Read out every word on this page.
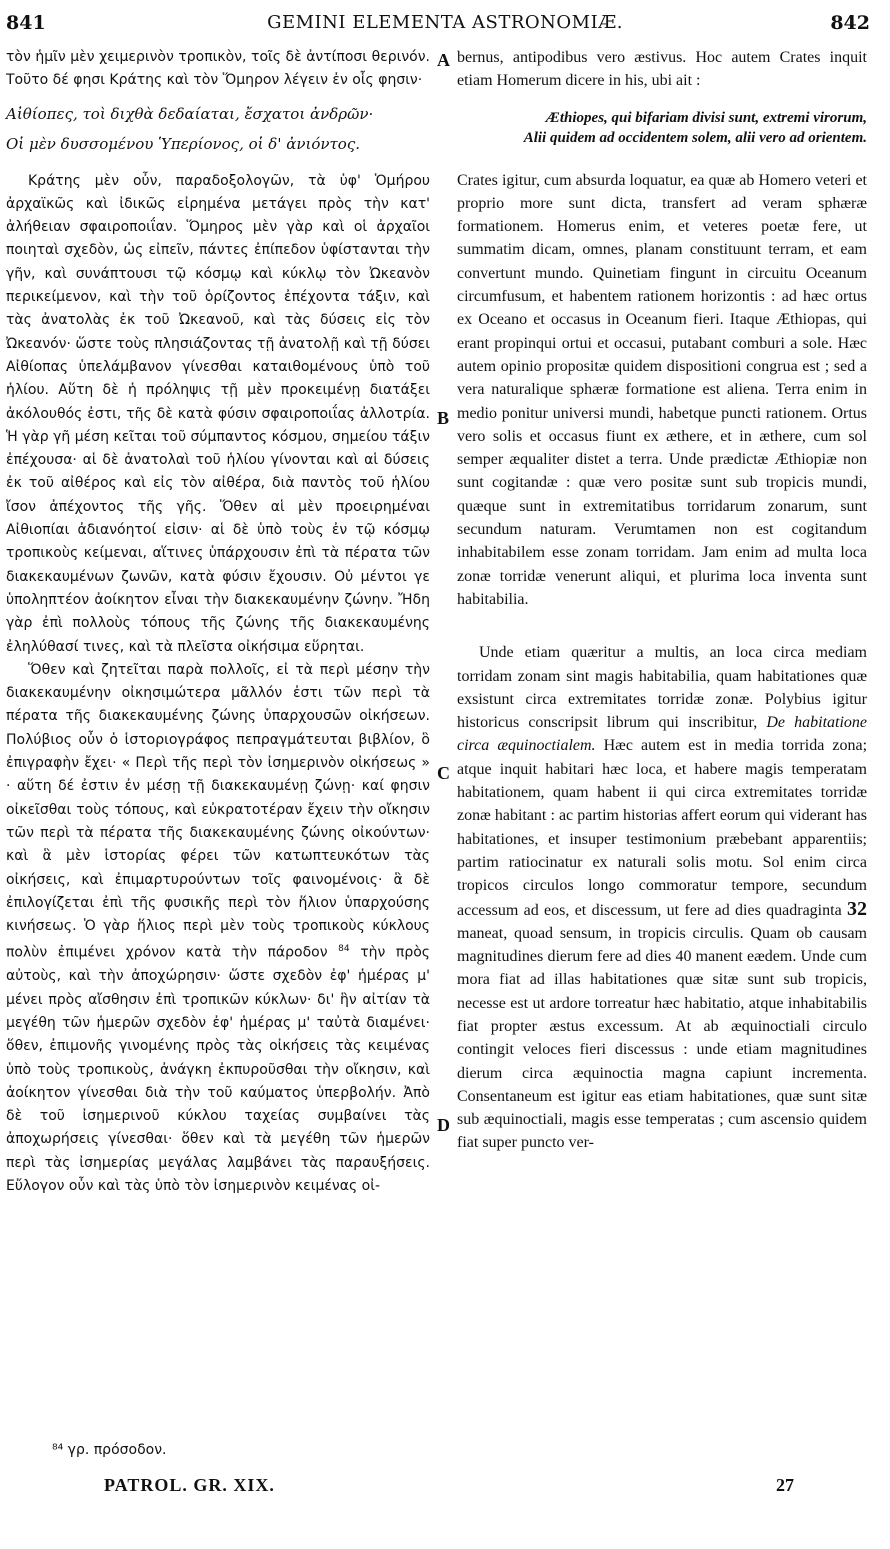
841	GEMINI ELEMENTA ASTRONOMIÆ.	842

τὸν ἡμῖν μὲν χειμερινὸν τροπικὸν, τοῖς δὲ ἀντίποσι θερινόν. Τοῦτο δέ φησι Κράτης καὶ τὸν Ὅμηρον λέγειν ἐν οἷς φησιν·

Αἰθίοπες, τοὶ διχθὰ δεδαίαται, ἔσχατοι ἀνδρῶν·

Οἱ μὲν δυσσομένου Ὑπερίονος, οἱ δ' ἀνιόντος.

Κράτης μὲν οὖν, παραδοξολογῶν, τὰ ὑφ' Ὁμήρου ἀρχαϊκῶς καὶ ἰδικῶς εἰρημένα μετάγει πρὸς τὴν κατ' ἀλήθειαν σφαιροποιΐαν. Ὅμηρος μὲν γὰρ καὶ οἱ ἀρχαῖοι ποιηταὶ σχεδὸν, ὡς εἰπεῖν, πάντες ἐπίπεδον ὑφίστανται τὴν γῆν, καὶ συνάπτουσι τῷ κόσμῳ καὶ κύκλῳ τὸν Ὠκεανὸν περικείμενον, καὶ τὴν τοῦ ὁρίζοντος ἐπέχοντα τάξιν, καὶ τὰς ἀνατολὰς ἐκ τοῦ Ὠκεανοῦ, καὶ τὰς δύσεις εἰς τὸν Ὠκεανόν· ὥστε τοὺς πλησιάζοντας τῇ ἀνατολῇ καὶ τῇ δύσει Αἰθίοπας ὑπελάμβανον γίνεσθαι καταιθομένους ὑπὸ τοῦ ἡλίου. Αὕτη δὲ ἡ πρόληψις τῇ μὲν προκειμένῃ διατάξει ἀκόλουθός ἐστι, τῆς δὲ κατὰ φύσιν σφαιροποιΐας ἀλλοτρία. Ἡ γὰρ γῆ μέση κεῖται τοῦ σύμπαντος κόσμου, σημείου τάξιν ἐπέχουσα· αἱ δὲ ἀνατολαὶ τοῦ ἡλίου γίνονται καὶ αἱ δύσεις ἐκ τοῦ αἰθέρος καὶ εἰς τὸν αἰθέρα, διὰ παντὸς τοῦ ἡλίου ἴσον ἀπέχοντος τῆς γῆς. Ὅθεν αἱ μὲν προειρημέναι Αἰθιοπίαι ἀδιανόητοί εἰσιν· αἱ δὲ ὑπὸ τοὺς ἐν τῷ κόσμῳ τροπικοὺς κείμεναι, αἵτινες ὑπάρχουσιν ἐπὶ τὰ πέρατα τῶν διακεκαυμένων ζωνῶν, κατὰ φύσιν ἔχουσιν. Οὐ μέντοι γε ὑποληπτέον ἀοίκητον εἶναι τὴν διακεκαυμένην ζώνην. Ἤδη γὰρ ἐπὶ πολλοὺς τόπους τῆς ζώνης τῆς διακεκαυμένης ἐληλύθασί τινες, καὶ τὰ πλεῖστα οἰκήσιμα εὕρηται.

Ὅθεν καὶ ζητεῖται παρὰ πολλοῖς, εἰ τὰ περὶ μέσην τὴν διακεκαυμένην οἰκησιμώτερα μᾶλλόν ἐστι τῶν περὶ τὰ πέρατα τῆς διακεκαυμένης ζώνης ὑπαρχουσῶν οἰκήσεων. Πολύβιος οὖν ὁ ἱστοριογράφος πεπραγμάτευται βιβλίον, ὃ ἐπιγραφὴν ἔχει· « Περὶ τῆς περὶ τὸν ἰσημερινὸν οἰκήσεως » · αὕτη δέ ἐστιν ἐν μέσῃ τῇ διακεκαυμένῃ ζώνῃ· καί φησιν οἰκεῖσθαι τοὺς τόπους, καὶ εὐκρατοτέραν ἔχειν τὴν οἴκησιν τῶν περὶ τὰ πέρατα τῆς διακεκαυμένης ζώνης οἰκούντων· καὶ ἃ μὲν ἱστορίας φέρει τῶν κατωπτευκότων τὰς οἰκήσεις, καὶ ἐπιμαρτυρούντων τοῖς φαινομένοις· ἃ δὲ ἐπιλογίζεται ἐπὶ τῆς φυσικῆς περὶ τὸν ἥλιον ὑπαρχούσης κινήσεως. Ὁ γὰρ ἥλιος περὶ μὲν τοὺς τροπικοὺς κύκλους πολὺν ἐπιμένει χρόνον κατὰ τὴν πάροδον $^{84}$ τὴν πρὸς αὐτοὺς, καὶ τὴν ἀποχώρησιν· ὥστε σχεδὸν ἐφ' ἡμέρας μ' μένει πρὸς αἴσθησιν ἐπὶ τροπικῶν κύκλων· δι' ἣν αἰτίαν τὰ μεγέθη τῶν ἡμερῶν σχεδὸν ἐφ' ἡμέρας μ' ταὐτὰ διαμένει· ὅθεν, ἐπιμονῆς γινομένης πρὸς τὰς οἰκήσεις τὰς κειμένας ὑπὸ τοὺς τροπικοὺς, ἀνάγκη ἐκπυροῦσθαι τὴν οἴκησιν, καὶ ἀοίκητον γίνεσθαι διὰ τὴν τοῦ καύματος ὑπερβολήν. Ἀπὸ δὲ τοῦ ἰσημερινοῦ κύκλου ταχείας συμβαίνει τὰς ἀποχωρήσεις γίνεσθαι· ὅθεν καὶ τὰ μεγέθη τῶν ἡμερῶν περὶ τὰς ἰσημερίας μεγάλας λαμβάνει τὰς παραυξήσεις. Εὔλογον οὖν καὶ τὰς ὑπὸ τὸν ἰσημερινὸν κειμένας οἰ-

A
B
C
D

bernus, antipodibus vero æstivus. Hoc autem Crates inquit etiam Homerum dicere in his, ubi ait :

Æthiopes, qui bifariam divisi sunt, extremi virorum,

Alii quidem ad occidentem solem, alii vero ad orientem.

Crates igitur, cum absurda loquatur, ea quæ ab Homero veteri et proprio more sunt dicta, transfert ad veram sphæræ formationem. Homerus enim, et veteres poetæ fere, ut summatim dicam, omnes, planam constituunt terram, et eam convertunt mundo. Quinetiam fingunt in circuitu Oceanum circumfusum, et habentem rationem horizontis : ad hæc ortus ex Oceano et occasus in Oceanum fieri. Itaque Æthiopas, qui erant propinqui ortui et occasui, putabant comburi a sole. Hæc autem opinio propositæ quidem dispositioni congrua est ; sed a vera naturalique sphæræ formatione est aliena. Terra enim in medio ponitur universi mundi, habetque puncti rationem. Ortus vero solis et occasus fiunt ex æthere, et in æthere, cum sol semper æqualiter distet a terra. Unde prædictæ Æthiopiæ non sunt cogitandæ : quæ vero positæ sunt sub tropicis mundi, quæque sunt in extremitatibus torridarum zonarum, sunt secundum naturam. Verumtamen non est cogitandum inhabitabilem esse zonam torridam. Jam enim ad multa loca zonæ torridæ venerunt aliqui, et plurima loca inventa sunt habitabilia.

Unde etiam quæritur a multis, an loca circa mediam torridam zonam sint magis habitabilia, quam habitationes quæ exsistunt circa extremitates torridæ zonæ. Polybius igitur historicus conscripsit librum qui inscribitur, De habitatione circa æquinoctialem. Hæc autem est in media torrida zona; atque inquit habitari hæc loca, et habere magis temperatam habitationem, quam habent ii qui circa extremitates torridæ zonæ habitant : ac partim historias affert eorum qui viderant has habitationes, et insuper testimonium præbebant apparentiis; partim ratiocinatur ex naturali solis motu. Sol enim circa tropicos circulos longo commoratur tempore, secundum accessum ad eos, et discessum, ut fere ad dies quadraginta 32 maneat, quoad sensum, in tropicis circulis. Quam ob causam magnitudines dierum fere ad dies 40 manent eædem. Unde cum mora fiat ad illas habitationes quæ sitæ sunt sub tropicis, necesse est ut ardore torreatur hæc habitatio, atque inhabitabilis fiat propter æstus excessum. At ab æquinoctiali circulo contingit veloces fieri discessus : unde etiam magnitudines dierum circa æquinoctia magna capiunt incrementa. Consentaneum est igitur eas etiam habitationes, quæ sunt sitæ sub æquinoctiali, magis esse temperatas ; cum ascensio quidem fiat super puncto ver-

⁸⁴ γρ. πρόσοδον.
PATROL. GR. XIX.	27
